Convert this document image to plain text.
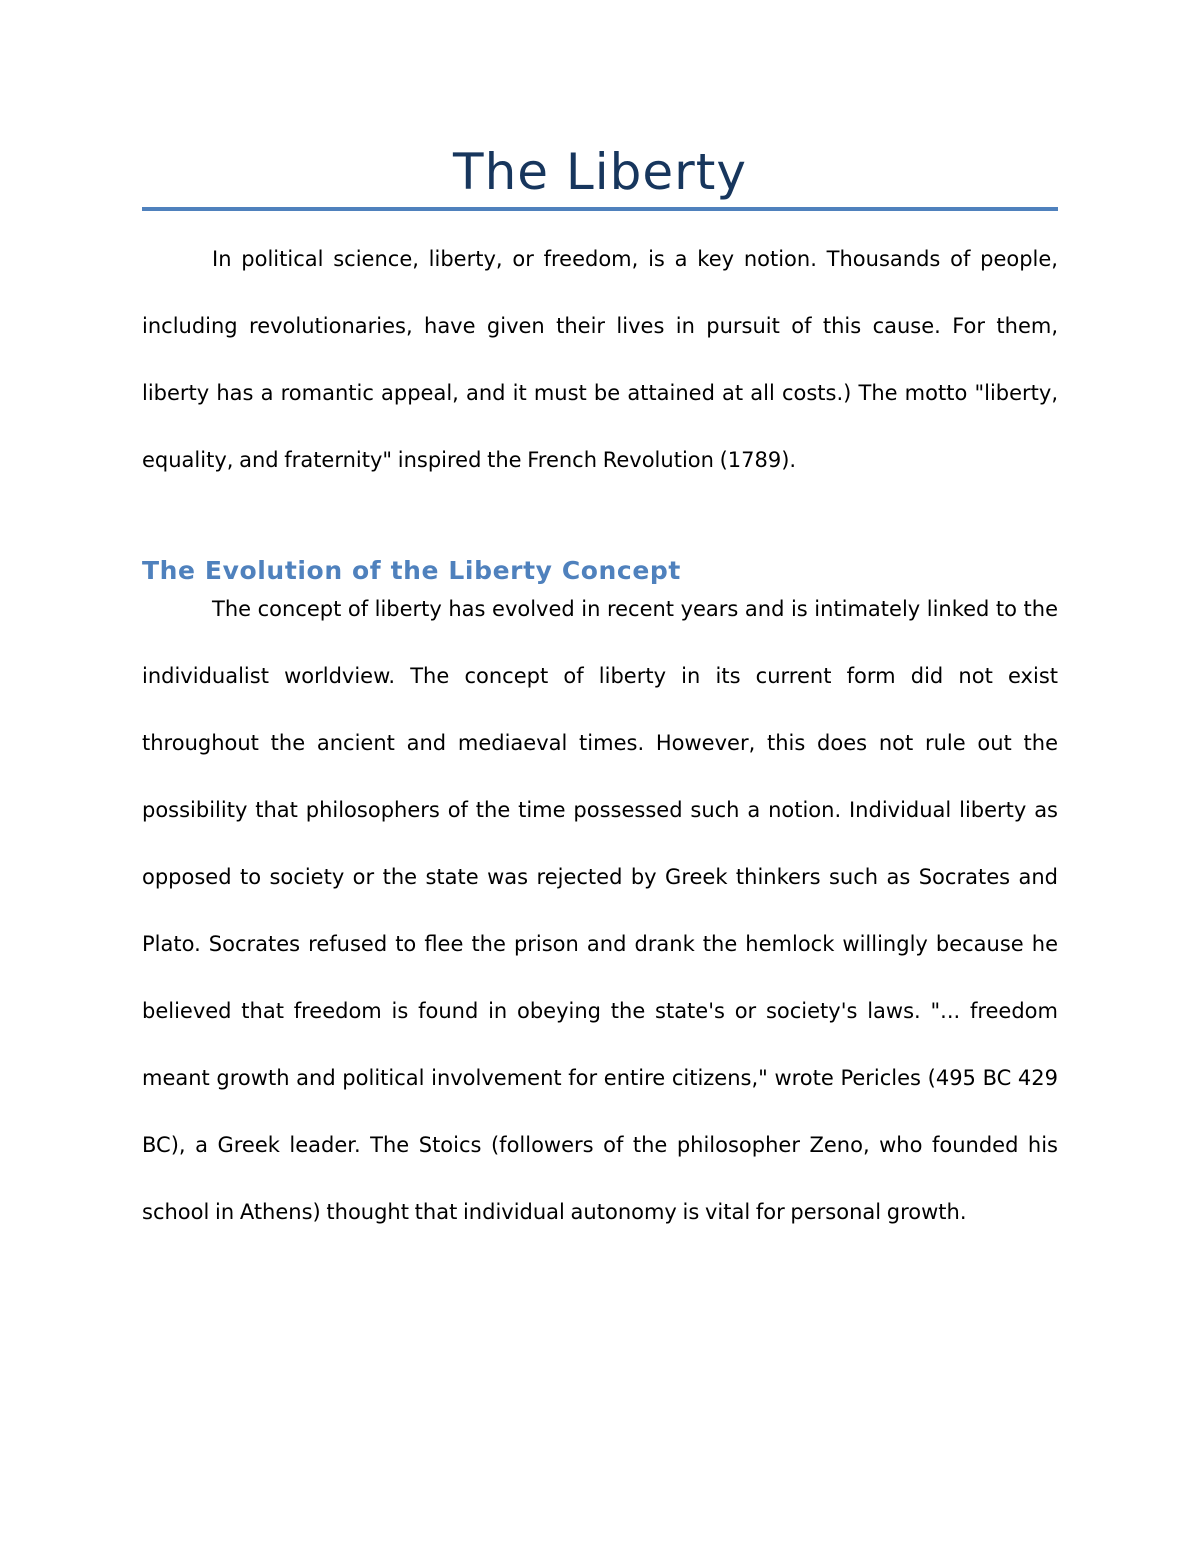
The Liberty

In political science, liberty, or freedom, is a key notion. Thousands of people, including revolutionaries, have given their lives in pursuit of this cause. For them, liberty has a romantic appeal, and it must be attained at all costs.) The motto "liberty, equality, and fraternity" inspired the French Revolution (1789).

The Evolution of the Liberty Concept

The concept of liberty has evolved in recent years and is intimately linked to the individualist worldview. The concept of liberty in its current form did not exist throughout the ancient and mediaeval times. However, this does not rule out the possibility that philosophers of the time possessed such a notion. Individual liberty as opposed to society or the state was rejected by Greek thinkers such as Socrates and Plato. Socrates refused to flee the prison and drank the hemlock willingly because he believed that freedom is found in obeying the state's or society's laws. "... freedom meant growth and political involvement for entire citizens," wrote Pericles (495 BC 429 BC), a Greek leader. The Stoics (followers of the philosopher Zeno, who founded his school in Athens) thought that individual autonomy is vital for personal growth.
